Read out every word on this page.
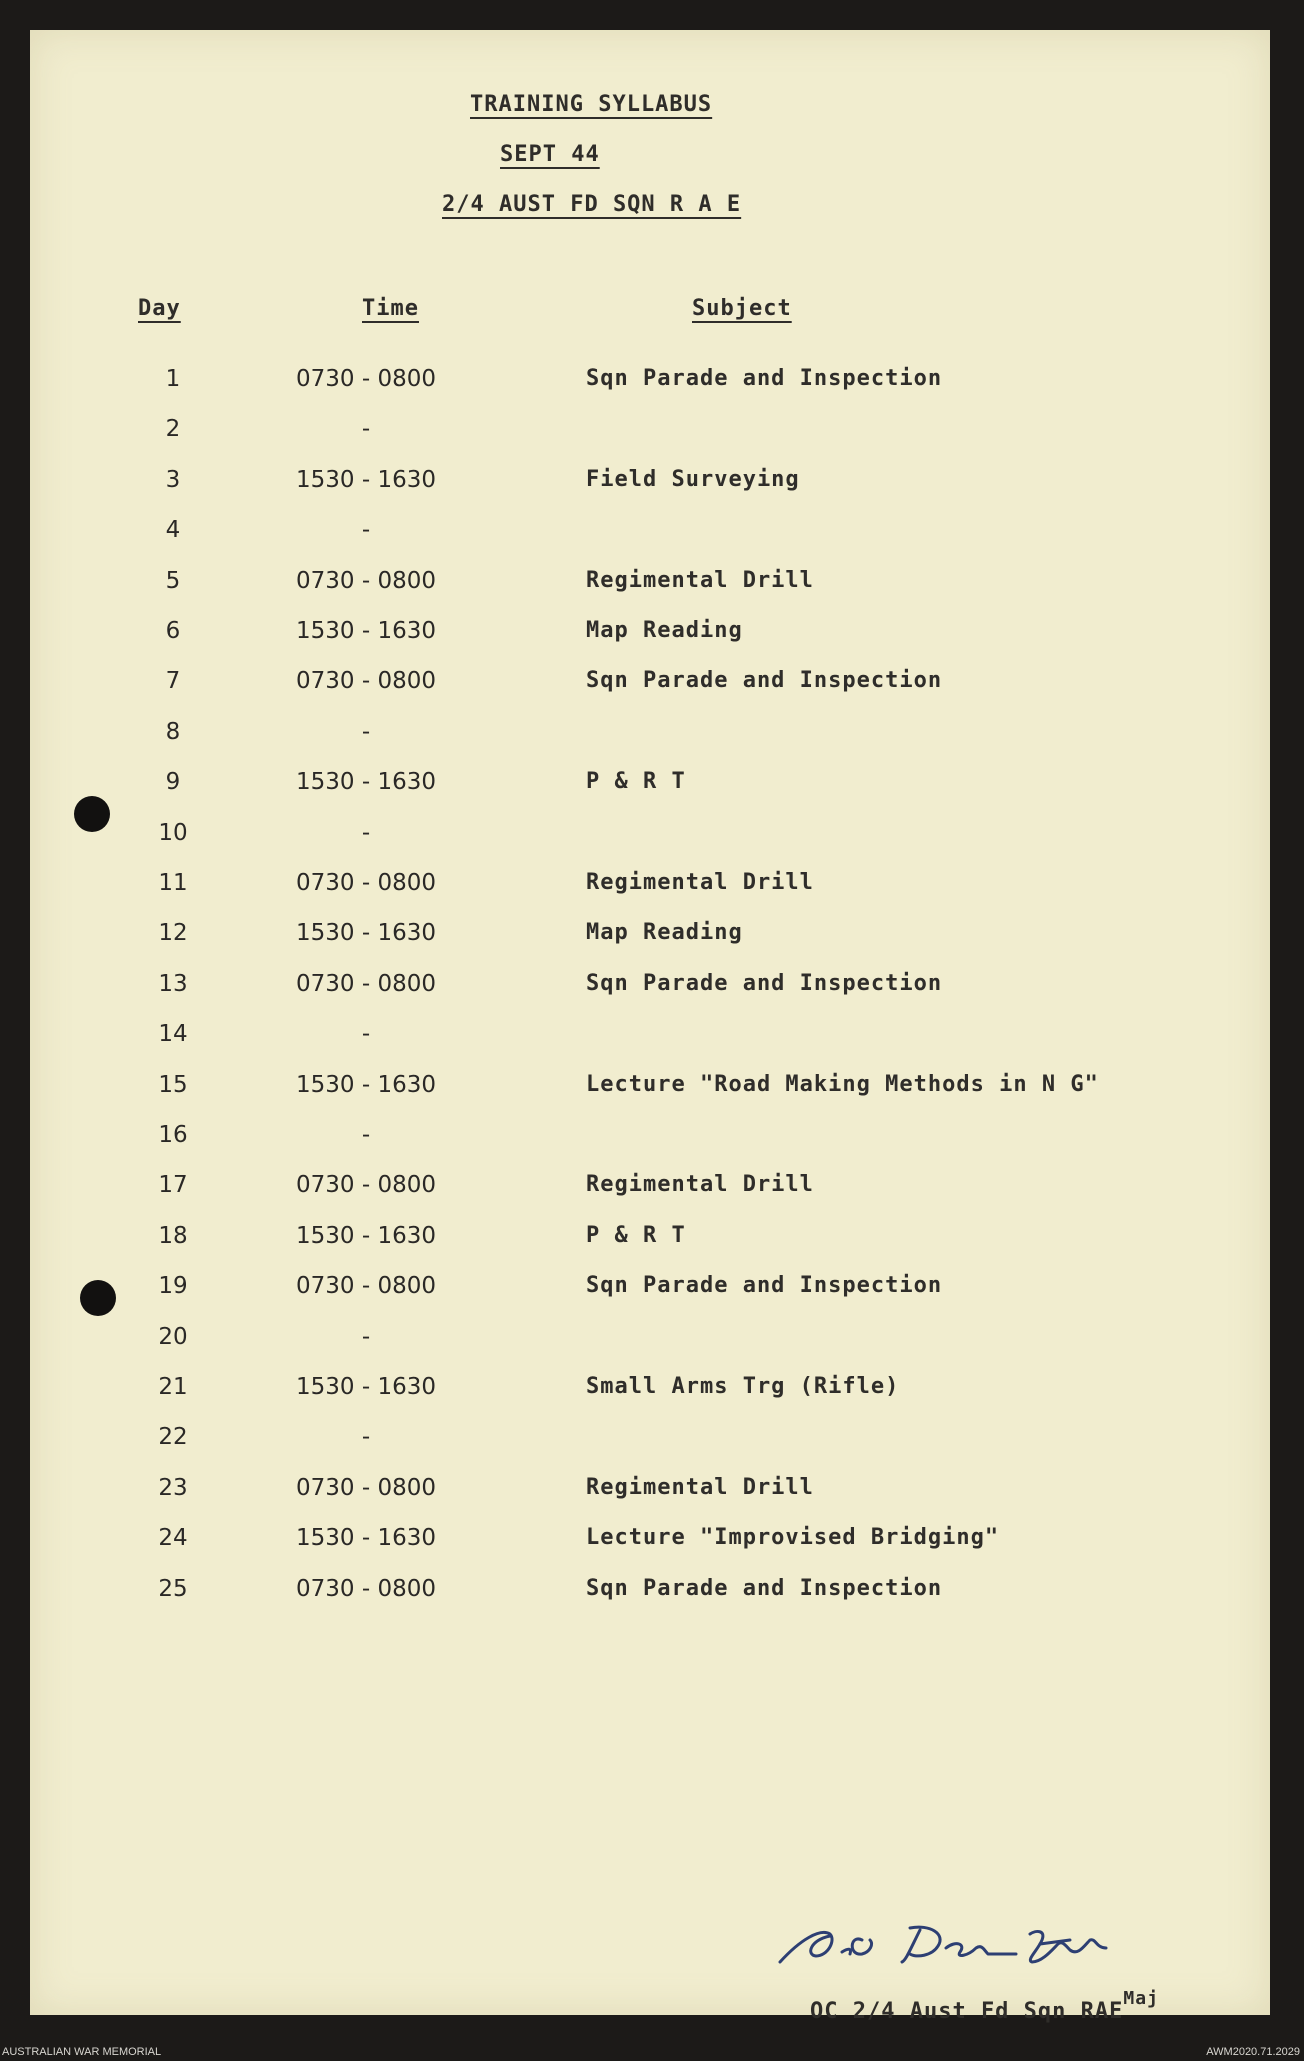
TRAINING SYLLABUS
SEPT 44
2/4 AUST FD SQN R A E
Day	Time	Subject
1	0730 - 0800	Sqn Parade and Inspection
2	-
3	1530 - 1630	Field Surveying
4	-
5	0730 - 0800	Regimental Drill
6	1530 - 1630	Map Reading
7	0730 - 0800	Sqn Parade and Inspection
8	-
9	1530 - 1630	P & R T
10	-
11	0730 - 0800	Regimental Drill
12	1530 - 1630	Map Reading
13	0730 - 0800	Sqn Parade and Inspection
14	-
15	1530 - 1630	Lecture "Road Making Methods in N G"
16	-
17	0730 - 0800	Regimental Drill
18	1530 - 1630	P & R T
19	0730 - 0800	Sqn Parade and Inspection
20	-
21	1530 - 1630	Small Arms Trg (Rifle)
22	-
23	0730 - 0800	Regimental Drill
24	1530 - 1630	Lecture "Improvised Bridging"
25	0730 - 0800	Sqn Parade and Inspection
OC 2/4 Aust Fd Sqn $RAE^{Maj}$
AUSTRALIAN WAR MEMORIAL	AWM2020.71.2029
